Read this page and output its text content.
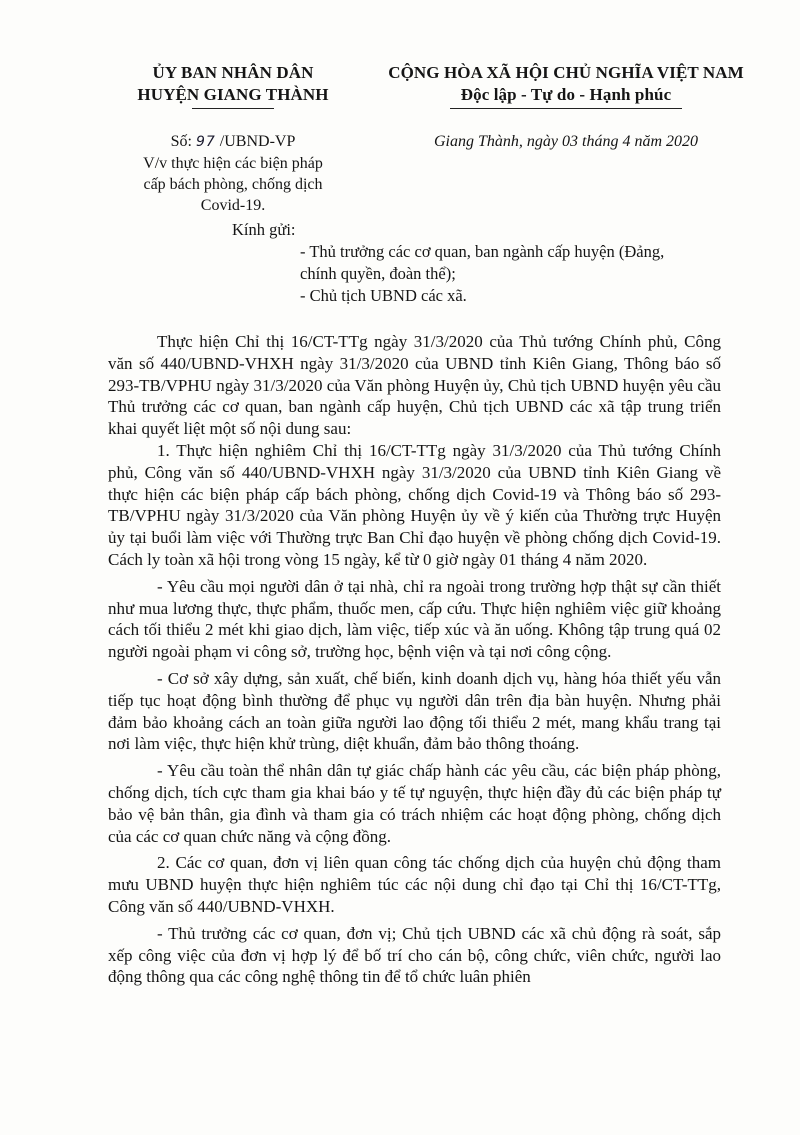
ỦY BAN NHÂN DÂN
HUYỆN GIANG THÀNH
CỘNG HÒA XÃ HỘI CHỦ NGHĨA VIỆT NAM
Độc lập - Tự do - Hạnh phúc
Số: 97 /UBND-VP
V/v thực hiện các biện pháp
cấp bách phòng, chống dịch
Covid-19.
Giang Thành, ngày 03 tháng 4 năm 2020
Kính gửi:
- Thủ trưởng các cơ quan, ban ngành cấp huyện (Đảng,
chính quyền, đoàn thể);
- Chủ tịch UBND các xã.

Thực hiện Chỉ thị 16/CT-TTg ngày 31/3/2020 của Thủ tướng Chính phủ, Công văn số 440/UBND-VHXH ngày 31/3/2020 của UBND tỉnh Kiên Giang, Thông báo số 293-TB/VPHU ngày 31/3/2020 của Văn phòng Huyện ủy, Chủ tịch UBND huyện yêu cầu Thủ trưởng các cơ quan, ban ngành cấp huyện, Chủ tịch UBND các xã tập trung triển khai quyết liệt một số nội dung sau:

1. Thực hiện nghiêm Chỉ thị 16/CT-TTg ngày 31/3/2020 của Thủ tướng Chính phủ, Công văn số 440/UBND-VHXH ngày 31/3/2020 của UBND tỉnh Kiên Giang về thực hiện các biện pháp cấp bách phòng, chống dịch Covid-19 và Thông báo số 293-TB/VPHU ngày 31/3/2020 của Văn phòng Huyện ủy về ý kiến của Thường trực Huyện ủy tại buổi làm việc với Thường trực Ban Chỉ đạo huyện về phòng chống dịch Covid-19. Cách ly toàn xã hội trong vòng 15 ngày, kể từ 0 giờ ngày 01 tháng 4 năm 2020.

- Yêu cầu mọi người dân ở tại nhà, chỉ ra ngoài trong trường hợp thật sự cần thiết như mua lương thực, thực phẩm, thuốc men, cấp cứu. Thực hiện nghiêm việc giữ khoảng cách tối thiểu 2 mét khi giao dịch, làm việc, tiếp xúc và ăn uống. Không tập trung quá 02 người ngoài phạm vi công sở, trường học, bệnh viện và tại nơi công cộng.

- Cơ sở xây dựng, sản xuất, chế biến, kinh doanh dịch vụ, hàng hóa thiết yếu vẫn tiếp tục hoạt động bình thường để phục vụ người dân trên địa bàn huyện. Nhưng phải đảm bảo khoảng cách an toàn giữa người lao động tối thiểu 2 mét, mang khẩu trang tại nơi làm việc, thực hiện khử trùng, diệt khuẩn, đảm bảo thông thoáng.

- Yêu cầu toàn thể nhân dân tự giác chấp hành các yêu cầu, các biện pháp phòng, chống dịch, tích cực tham gia khai báo y tế tự nguyện, thực hiện đầy đủ các biện pháp tự bảo vệ bản thân, gia đình và tham gia có trách nhiệm các hoạt động phòng, chống dịch của các cơ quan chức năng và cộng đồng.

2. Các cơ quan, đơn vị liên quan công tác chống dịch của huyện chủ động tham mưu UBND huyện thực hiện nghiêm túc các nội dung chỉ đạo tại Chỉ thị 16/CT-TTg, Công văn số 440/UBND-VHXH.

- Thủ trưởng các cơ quan, đơn vị; Chủ tịch UBND các xã chủ động rà soát, sắp xếp công việc của đơn vị hợp lý để bố trí cho cán bộ, công chức, viên chức, người lao động thông qua các công nghệ thông tin để tổ chức luân phiên
